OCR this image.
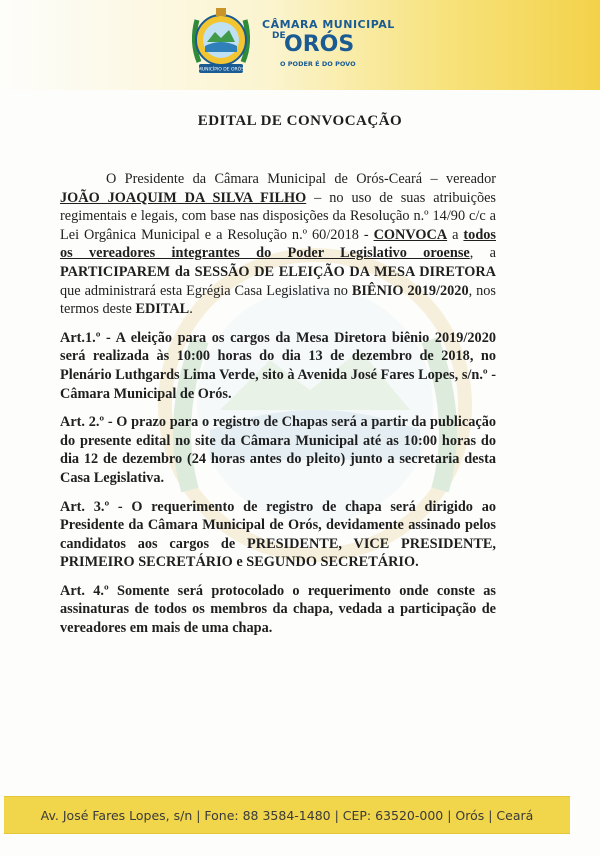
MUNICÍPIO DE ORÓS
CÂMARA MUNICIPAL
DE
ORÓS
O PODER É DO POVO
EDITAL DE CONVOCAÇÃO

O Presidente da Câmara Municipal de Orós-Ceará – vereador JOÃO JOAQUIM DA SILVA FILHO – no uso de suas atribuições regimentais e legais, com base nas disposições da Resolução n.º 14/90 c/c a Lei Orgânica Municipal e a Resolução n.º 60/2018 - CONVOCA a todos os vereadores integrantes do Poder Legislativo oroense, a PARTICIPAREM da SESSÃO DE ELEIÇÃO DA MESA DIRETORA que administrará esta Egrégia Casa Legislativa no BIÊNIO 2019/2020, nos termos deste EDITAL.

Art.1.º - A eleição para os cargos da Mesa Diretora biênio 2019/2020 será realizada às 10:00 horas do dia 13 de dezembro de 2018, no Plenário Luthgards Lima Verde, sito à Avenida José Fares Lopes, s/n.º - Câmara Municipal de Orós.

Art. 2.º - O prazo para o registro de Chapas será a partir da publicação do presente edital no site da Câmara Municipal até as 10:00 horas do dia 12 de dezembro (24 horas antes do pleito) junto a secretaria desta Casa Legislativa.

Art. 3.º - O requerimento de registro de chapa será dirigido ao Presidente da Câmara Municipal de Orós, devidamente assinado pelos candidatos aos cargos de PRESIDENTE, VICE PRESIDENTE, PRIMEIRO SECRETÁRIO e SEGUNDO SECRETÁRIO.

Art. 4.º Somente será protocolado o requerimento onde conste as assinaturas de todos os membros da chapa, vedada a participação de vereadores em mais de uma chapa.

Av. José Fares Lopes, s/n | Fone: 88 3584-1480 | CEP: 63520-000 | Orós | Ceará
